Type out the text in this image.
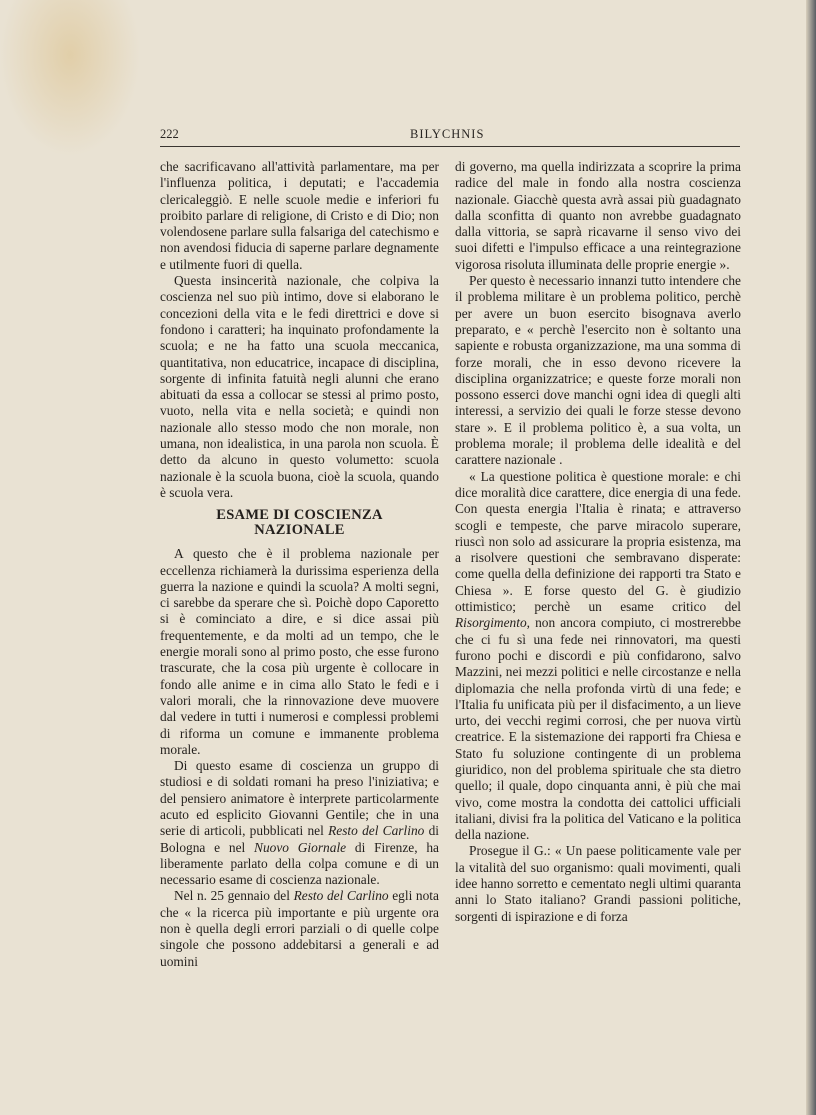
222	BILYCHNIS

che sacrificavano all'attività parlamentare, ma per l'influenza politica, i deputati; e l'accademia clericaleggiò. E nelle scuole medie e inferiori fu proibito parlare di religione, di Cristo e di Dio; non volendosene parlare sulla falsariga del catechismo e non avendosi fiducia di saperne parlare degnamente e utilmente fuori di quella.

Questa insincerità nazionale, che colpiva la coscienza nel suo più intimo, dove si elaborano le concezioni della vita e le fedi direttrici e dove si fondono i caratteri; ha inquinato profondamente la scuola; e ne ha fatto una scuola meccanica, quantitativa, non educatrice, incapace di disciplina, sorgente di infinita fatuità negli alunni che erano abituati da essa a collocar se stessi al primo posto, vuoto, nella vita e nella società; e quindi non nazionale allo stesso modo che non morale, non umana, non idealistica, in una parola non scuola. È detto da alcuno in questo volumetto: scuola nazionale è la scuola buona, cioè la scuola, quando è scuola vera.

ESAME DI COSCIENZA
NAZIONALE

A questo che è il problema nazionale per eccellenza richiamerà la durissima esperienza della guerra la nazione e quindi la scuola? A molti segni, ci sarebbe da sperare che sì. Poichè dopo Caporetto si è cominciato a dire, e si dice assai più frequentemente, e da molti ad un tempo, che le energie morali sono al primo posto, che esse furono trascurate, che la cosa più urgente è collocare in fondo alle anime e in cima allo Stato le fedi e i valori morali, che la rinnovazione deve muovere dal vedere in tutti i numerosi e complessi problemi di riforma un comune e immanente problema morale.

Di questo esame di coscienza un gruppo di studiosi e di soldati romani ha preso l'iniziativa; e del pensiero animatore è interprete particolarmente acuto ed esplicito Giovanni Gentile; che in una serie di articoli, pubblicati nel Resto del Carlino di Bologna e nel Nuovo Giornale di Firenze, ha liberamente parlato della colpa comune e di un necessario esame di coscienza nazionale.

Nel n. 25 gennaio del Resto del Carlino egli nota che « la ricerca più importante e più urgente ora non è quella degli errori parziali o di quelle colpe singole che possono addebitarsi a generali e ad uomini

di governo, ma quella indirizzata a scoprire la prima radice del male in fondo alla nostra coscienza nazionale. Giacchè questa avrà assai più guadagnato dalla sconfitta di quanto non avrebbe guadagnato dalla vittoria, se saprà ricavarne il senso vivo dei suoi difetti e l'impulso efficace a una reintegrazione vigorosa risoluta illuminata delle proprie energie ».

Per questo è necessario innanzi tutto intendere che il problema militare è un problema politico, perchè per avere un buon esercito bisognava averlo preparato, e « perchè l'esercito non è soltanto una sapiente e robusta organizzazione, ma una somma di forze morali, che in esso devono ricevere la disciplina organizzatrice; e queste forze morali non possono esserci dove manchi ogni idea di quegli alti interessi, a servizio dei quali le forze stesse devono stare ». E il problema politico è, a sua volta, un problema morale; il problema delle idealità e del carattere nazionale .

« La questione politica è questione morale: e chi dice moralità dice carattere, dice energia di una fede. Con questa energia l'Italia è rinata; e attraverso scogli e tempeste, che parve miracolo superare, riuscì non solo ad assicurare la propria esistenza, ma a risolvere questioni che sembravano disperate: come quella della definizione dei rapporti tra Stato e Chiesa ». E forse questo del G. è giudizio ottimistico; perchè un esame critico del Risorgimento, non ancora compiuto, ci mostrerebbe che ci fu sì una fede nei rinnovatori, ma questi furono pochi e discordi e più confidarono, salvo Mazzini, nei mezzi politici e nelle circostanze e nella diplomazia che nella profonda virtù di una fede; e l'Italia fu unificata più per il disfacimento, a un lieve urto, dei vecchi regimi corrosi, che per nuova virtù creatrice. E la sistemazione dei rapporti fra Chiesa e Stato fu soluzione contingente di un problema giuridico, non del problema spirituale che sta dietro quello; il quale, dopo cinquanta anni, è più che mai vivo, come mostra la condotta dei cattolici ufficiali italiani, divisi fra la politica del Vaticano e la politica della nazione.

Prosegue il G.: « Un paese politicamente vale per la vitalità del suo organismo: quali movimenti, quali idee hanno sorretto e cementato negli ultimi quaranta anni lo Stato italiano? Grandi passioni politiche, sorgenti di ispirazione e di forza
